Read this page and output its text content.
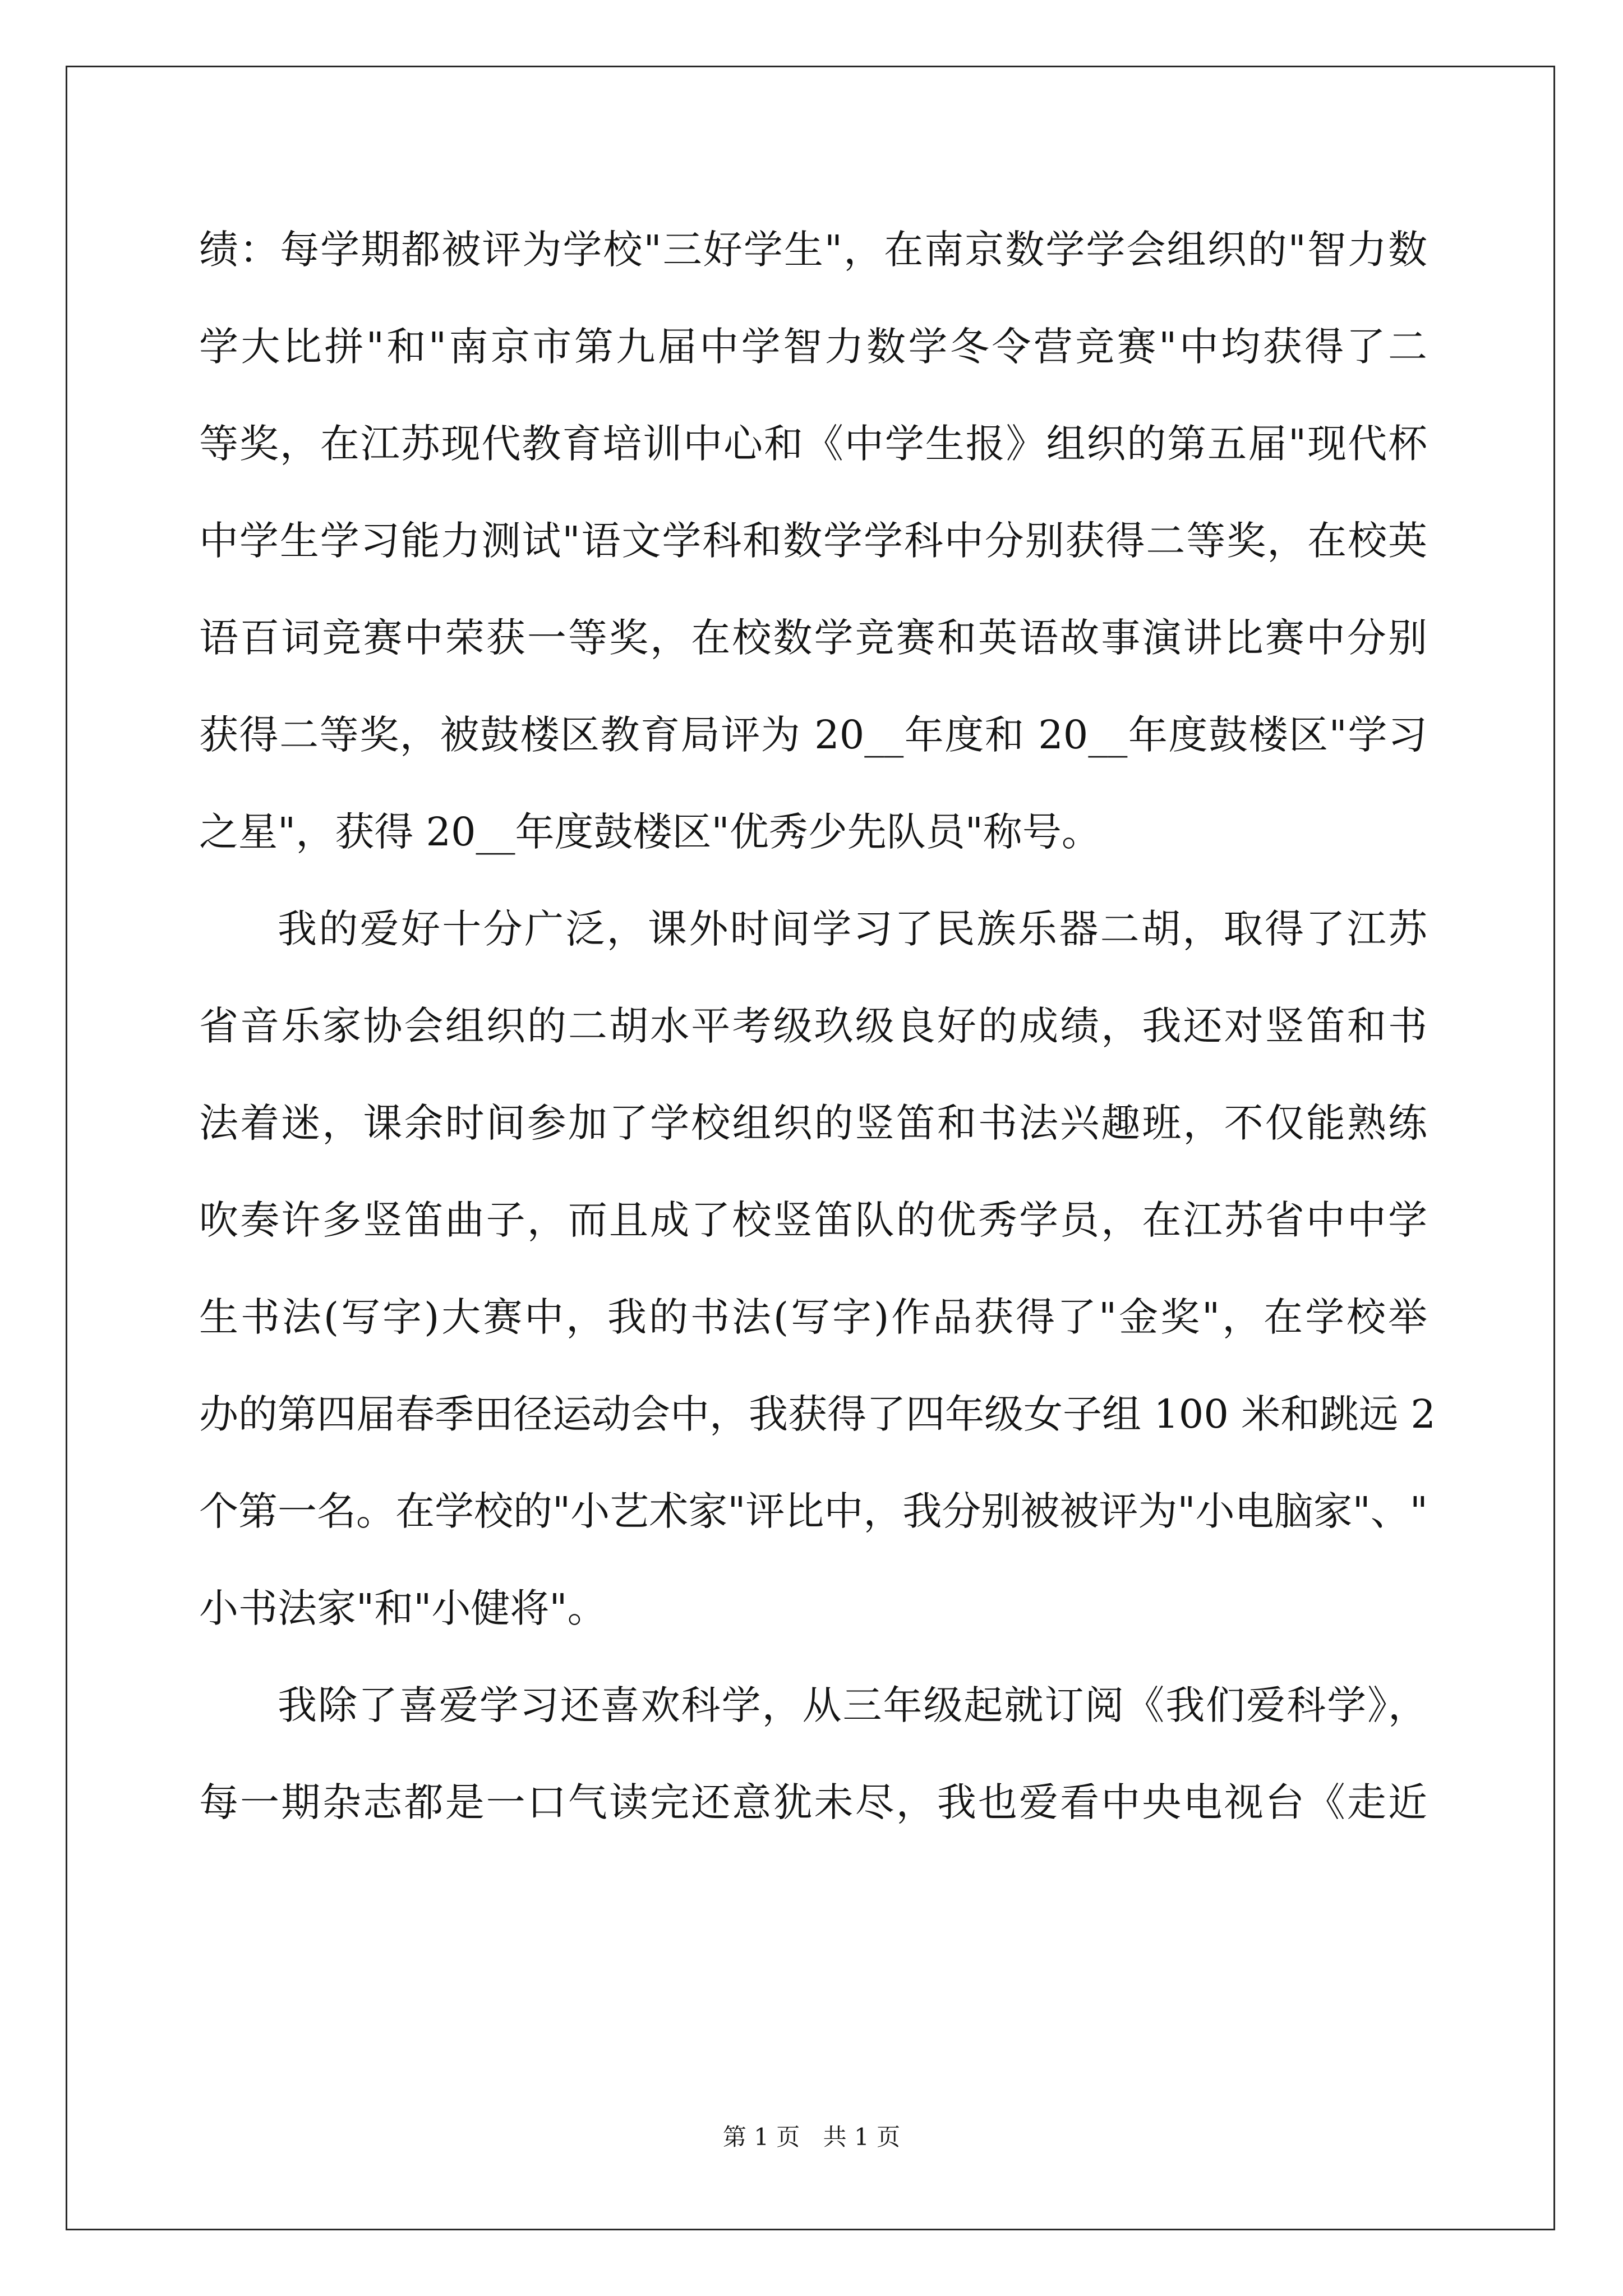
绩：每学期都被评为学校"三好学生"，在南京数学学会组织的"智力数
学大比拼"和"南京市第九届中学智力数学冬令营竞赛"中均获得了二
等奖，在江苏现代教育培训中心和《中学生报》组织的第五届"现代杯
中学生学习能力测试"语文学科和数学学科中分别获得二等奖，在校英
语百词竞赛中荣获一等奖，在校数学竞赛和英语故事演讲比赛中分别
获得二等奖，被鼓楼区教育局评为 20__年度和 20__年度鼓楼区"学习
之星"，获得 20__年度鼓楼区"优秀少先队员"称号。
我的爱好十分广泛，课外时间学习了民族乐器二胡，取得了江苏
省音乐家协会组织的二胡水平考级玖级良好的成绩，我还对竖笛和书
法着迷，课余时间参加了学校组织的竖笛和书法兴趣班，不仅能熟练
吹奏许多竖笛曲子，而且成了校竖笛队的优秀学员，在江苏省中中学
生书法(写字)大赛中，我的书法(写字)作品获得了"金奖"，在学校举
办的第四届春季田径运动会中，我获得了四年级女子组 100 米和跳远 2
个第一名。在学校的"小艺术家"评比中，我分别被被评为"小电脑家"、"
小书法家"和"小健将"。
我除了喜爱学习还喜欢科学，从三年级起就订阅《我们爱科学》，
每一期杂志都是一口气读完还意犹未尽，我也爱看中央电视台《走近
第 1 页 共 1 页
